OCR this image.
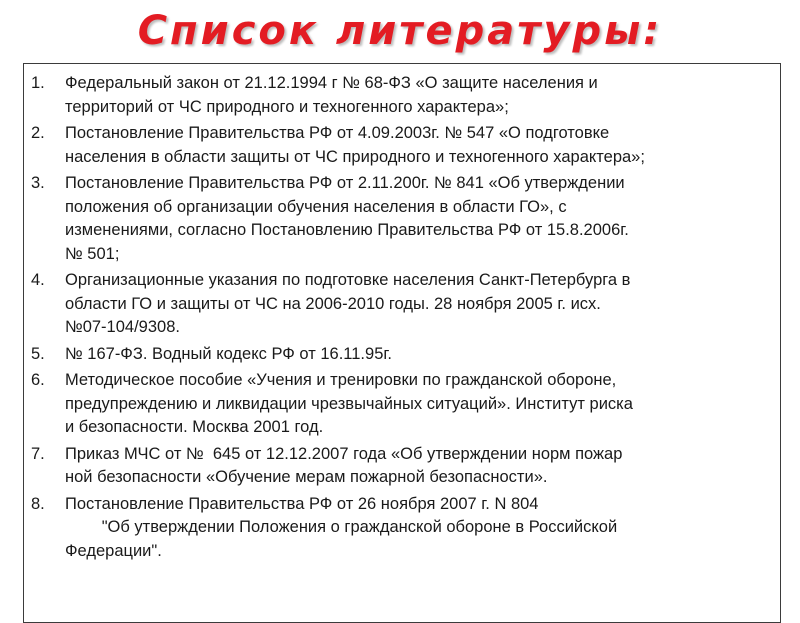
Список литературы:
1. Федеральный закон от 21.12.1994 г № 68-ФЗ «О защите населения и
территорий от ЧС природного и техногенного характера»;
2. Постановление Правительства РФ от 4.09.2003г. № 547 «О подготовке
населения в области защиты от ЧС природного и техногенного характера»;
3. Постановление Правительства РФ от 2.11.200г. № 841 «Об утверждении
положения об организации обучения населения в области ГО», с
изменениями, согласно Постановлению Правительства РФ от 15.8.2006г.
№ 501;
4. Организационные указания по подготовке населения Санкт-Петербурга в
области ГО и защиты от ЧС на 2006-2010 годы. 28 ноября 2005 г. исх.
№07-104/9308.
5. № 167-ФЗ. Водный кодекс РФ от 16.11.95г.
6. Методическое пособие «Учения и тренировки по гражданской обороне,
предупреждению и ликвидации чрезвычайных ситуаций». Институт риска
и безопасности. Москва 2001 год.
7. Приказ МЧС от №  645 от 12.12.2007 года «Об утверждении норм пожар
ной безопасности «Обучение мерам пожарной безопасности».
8. Постановление Правительства РФ от 26 ноября 2007 г. N 804
"Об утверждении Положения о гражданской обороне в Российской
Федерации".
